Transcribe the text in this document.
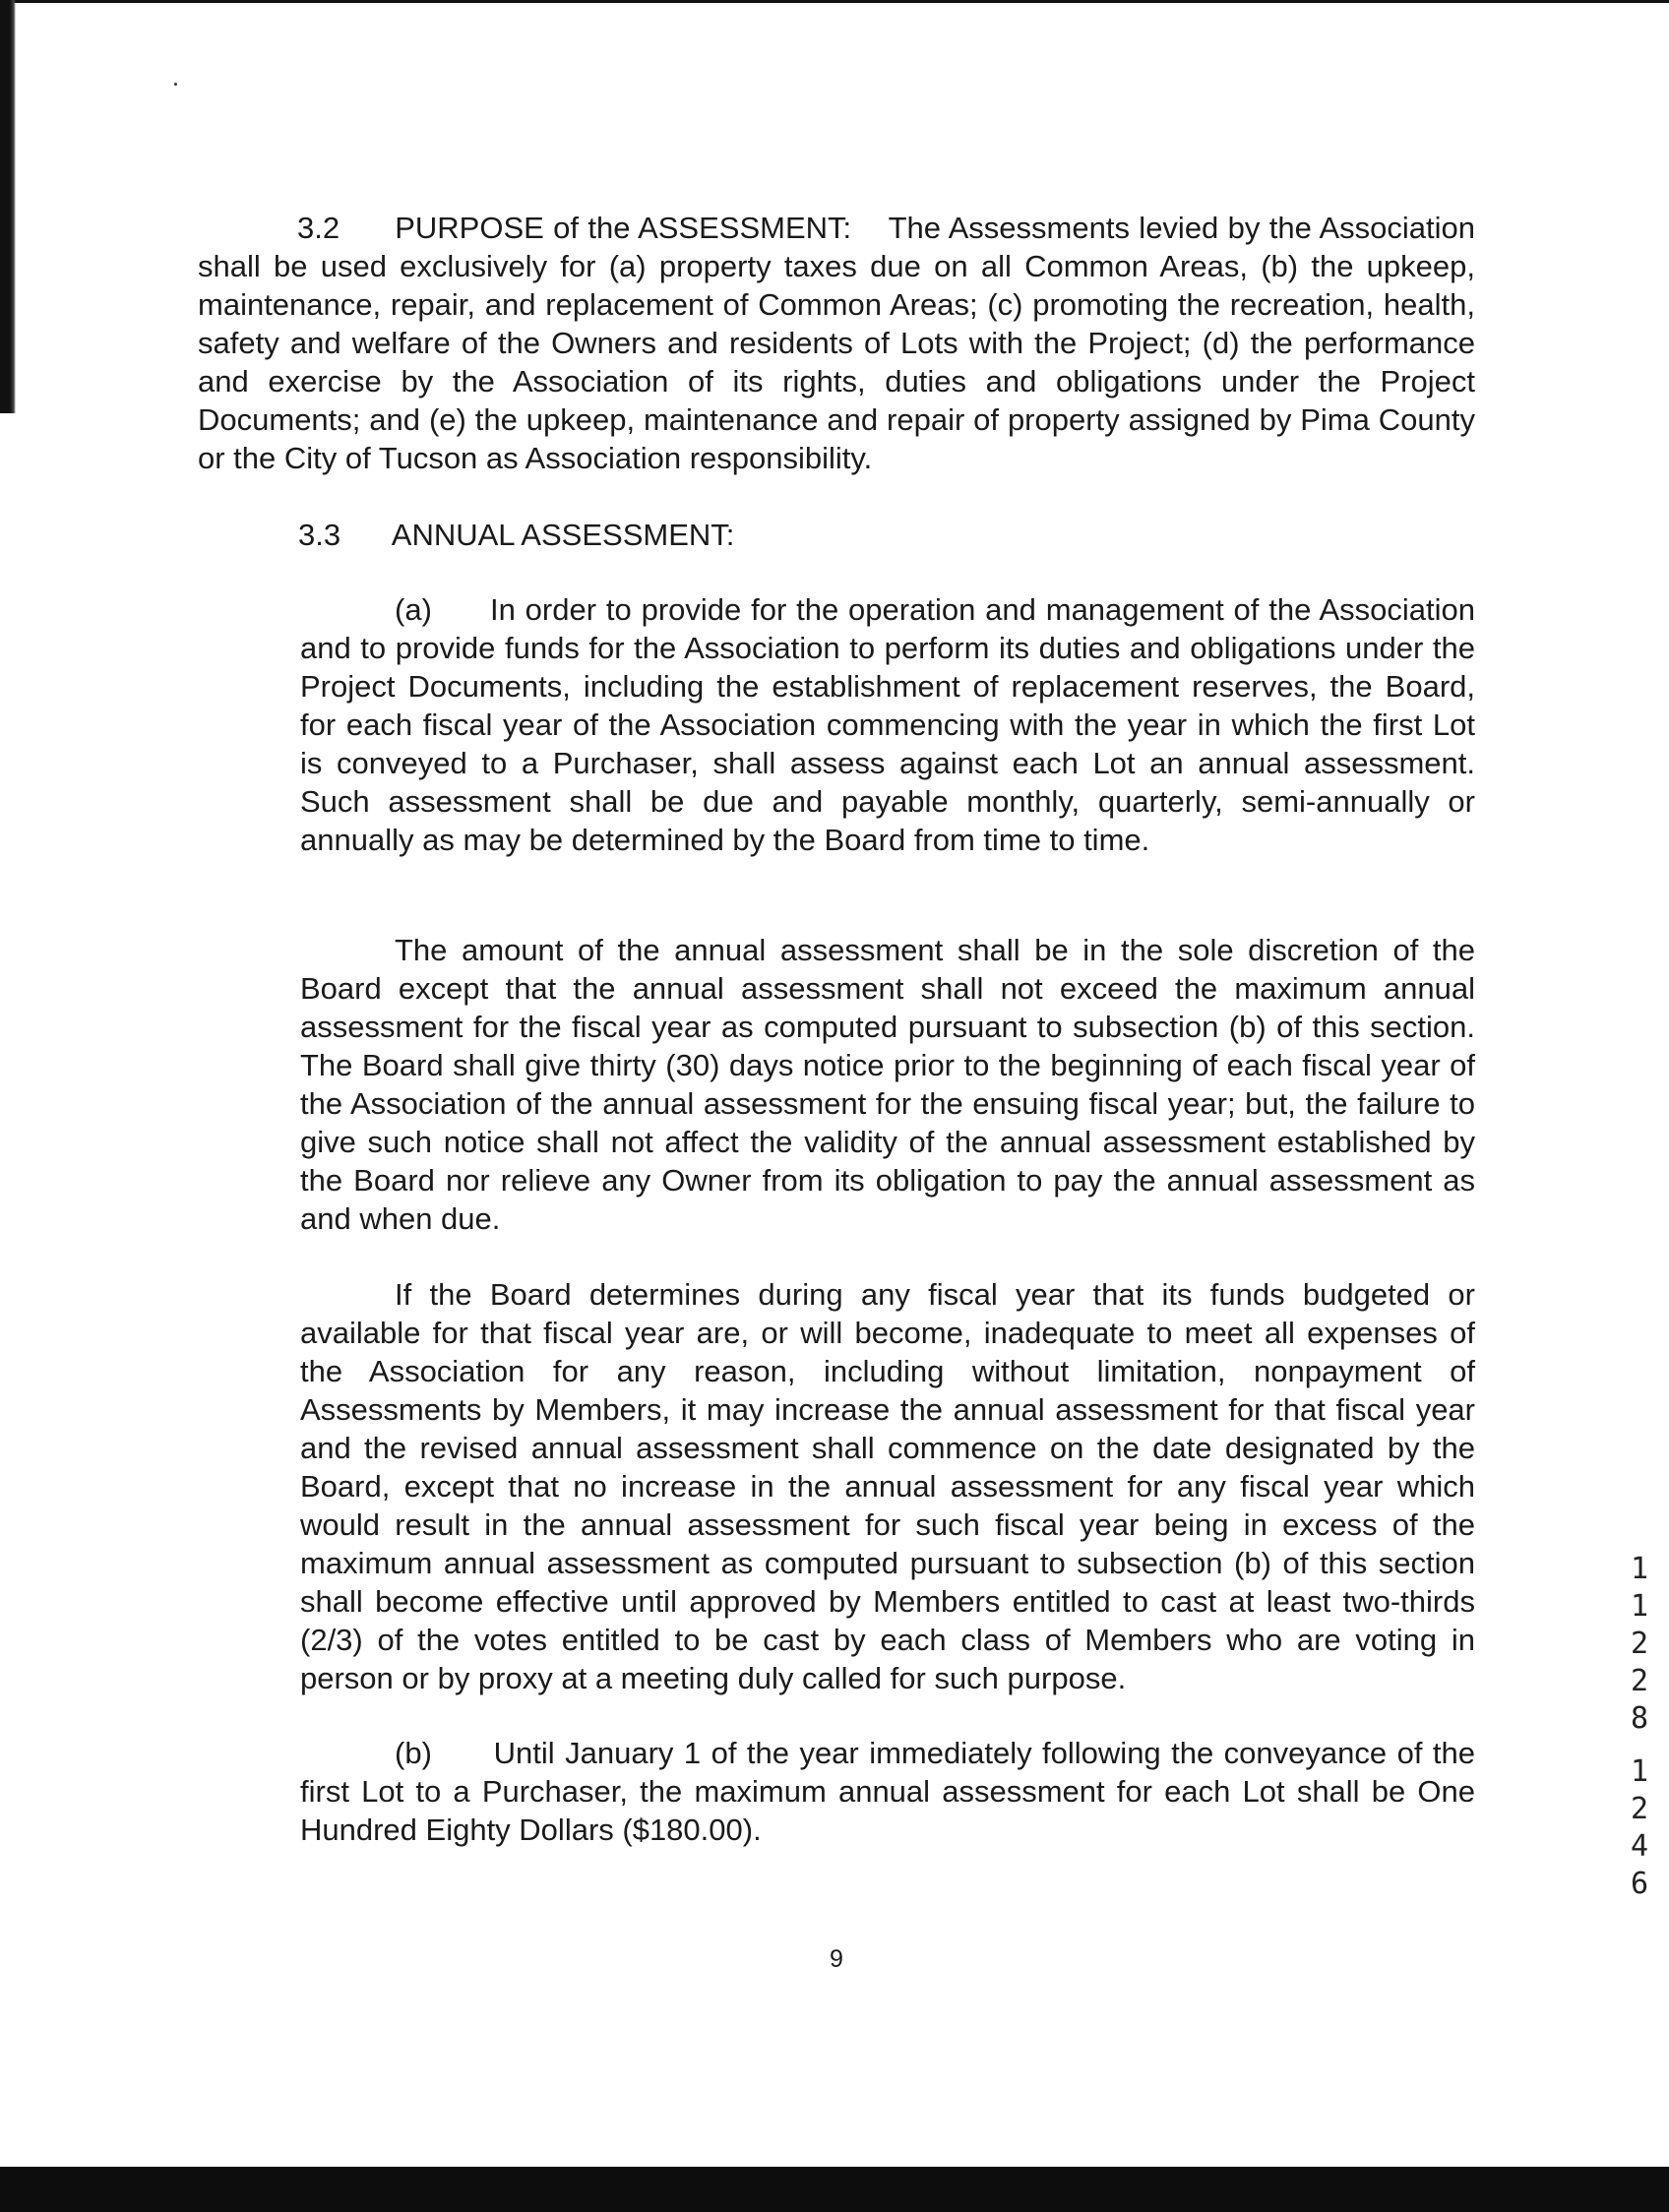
3.2 PURPOSE of the ASSESSMENT: The Assessments levied by the Association shall be used exclusively for (a) property taxes due on all Common Areas, (b) the upkeep, maintenance, repair, and replacement of Common Areas; (c) promoting the recreation, health, safety and welfare of the Owners and residents of Lots with the Project; (d) the performance and exercise by the Association of its rights, duties and obligations under the Project Documents; and (e) the upkeep, maintenance and repair of property assigned by Pima County or the City of Tucson as Association responsibility.

3.3 ANNUAL ASSESSMENT:

(a) In order to provide for the operation and management of the Association and to provide funds for the Association to perform its duties and obligations under the Project Documents, including the establishment of replacement reserves, the Board, for each fiscal year of the Association commencing with the year in which the first Lot is conveyed to a Purchaser, shall assess against each Lot an annual assessment. Such assessment shall be due and payable monthly, quarterly, semi-annually or annually as may be determined by the Board from time to time.

The amount of the annual assessment shall be in the sole discretion of the Board except that the annual assessment shall not exceed the maximum annual assessment for the fiscal year as computed pursuant to subsection (b) of this section. The Board shall give thirty (30) days notice prior to the beginning of each fiscal year of the Association of the annual assessment for the ensuing fiscal year; but, the failure to give such notice shall not affect the validity of the annual assessment established by the Board nor relieve any Owner from its obligation to pay the annual assessment as and when due.

If the Board determines during any fiscal year that its funds budgeted or available for that fiscal year are, or will become, inadequate to meet all expenses of the Association for any reason, including without limitation, nonpayment of Assessments by Members, it may increase the annual assessment for that fiscal year and the revised annual assessment shall commence on the date designated by the Board, except that no increase in the annual assessment for any fiscal year which would result in the annual assessment for such fiscal year being in excess of the maximum annual assessment as computed pursuant to subsection (b) of this section shall become effective until approved by Members entitled to cast at least two-thirds (2/3) of the votes entitled to be cast by each class of Members who are voting in person or by proxy at a meeting duly called for such purpose.

(b) Until January 1 of the year immediately following the conveyance of the first Lot to a Purchaser, the maximum annual assessment for each Lot shall be One Hundred Eighty Dollars ($180.00).

9
1
1
2
2
8
1
2
4
6
